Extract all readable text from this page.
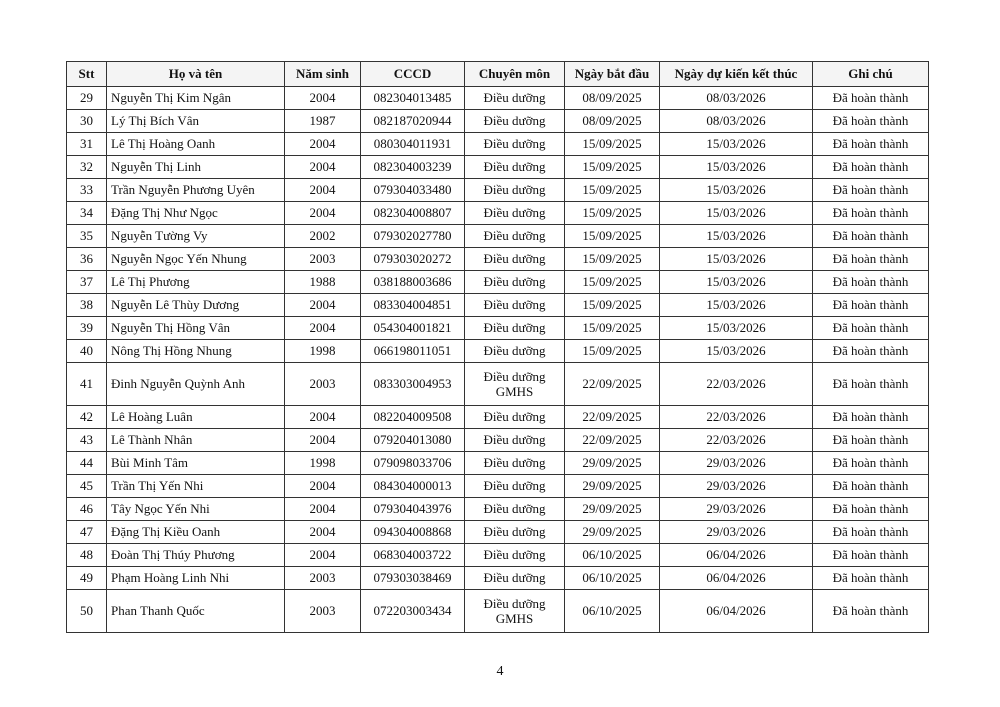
Stt	Họ và tên	Năm sinh	CCCD	Chuyên môn	Ngày bắt đầu	Ngày dự kiến kết thúc	Ghi chú
29	Nguyễn Thị Kim Ngân	2004	082304013485	Điều dưỡng	08/09/2025	08/03/2026	Đã hoàn thành
30	Lý Thị Bích Vân	1987	082187020944	Điều dưỡng	08/09/2025	08/03/2026	Đã hoàn thành
31	Lê Thị Hoàng Oanh	2004	080304011931	Điều dưỡng	15/09/2025	15/03/2026	Đã hoàn thành
32	Nguyễn Thị Linh	2004	082304003239	Điều dưỡng	15/09/2025	15/03/2026	Đã hoàn thành
33	Trần Nguyễn Phương Uyên	2004	079304033480	Điều dưỡng	15/09/2025	15/03/2026	Đã hoàn thành
34	Đặng Thị Như Ngọc	2004	082304008807	Điều dưỡng	15/09/2025	15/03/2026	Đã hoàn thành
35	Nguyễn Tường Vy	2002	079302027780	Điều dưỡng	15/09/2025	15/03/2026	Đã hoàn thành
36	Nguyễn Ngọc Yến Nhung	2003	079303020272	Điều dưỡng	15/09/2025	15/03/2026	Đã hoàn thành
37	Lê Thị Phương	1988	038188003686	Điều dưỡng	15/09/2025	15/03/2026	Đã hoàn thành
38	Nguyễn Lê Thùy Dương	2004	083304004851	Điều dưỡng	15/09/2025	15/03/2026	Đã hoàn thành
39	Nguyễn Thị Hồng Vân	2004	054304001821	Điều dưỡng	15/09/2025	15/03/2026	Đã hoàn thành
40	Nông Thị Hồng Nhung	1998	066198011051	Điều dưỡng	15/09/2025	15/03/2026	Đã hoàn thành
41	Đinh Nguyễn Quỳnh Anh	2003	083303004953	Điều dưỡng GMHS	22/09/2025	22/03/2026	Đã hoàn thành
42	Lê Hoàng Luân	2004	082204009508	Điều dưỡng	22/09/2025	22/03/2026	Đã hoàn thành
43	Lê Thành Nhân	2004	079204013080	Điều dưỡng	22/09/2025	22/03/2026	Đã hoàn thành
44	Bùi Minh Tâm	1998	079098033706	Điều dưỡng	29/09/2025	29/03/2026	Đã hoàn thành
45	Trần Thị Yến Nhi	2004	084304000013	Điều dưỡng	29/09/2025	29/03/2026	Đã hoàn thành
46	Tây Ngọc Yến Nhi	2004	079304043976	Điều dưỡng	29/09/2025	29/03/2026	Đã hoàn thành
47	Đặng Thị Kiều Oanh	2004	094304008868	Điều dưỡng	29/09/2025	29/03/2026	Đã hoàn thành
48	Đoàn Thị Thúy Phương	2004	068304003722	Điều dưỡng	06/10/2025	06/04/2026	Đã hoàn thành
49	Phạm Hoàng Linh Nhi	2003	079303038469	Điều dưỡng	06/10/2025	06/04/2026	Đã hoàn thành
50	Phan Thanh Quốc	2003	072203003434	Điều dưỡng GMHS	06/10/2025	06/04/2026	Đã hoàn thành
4
